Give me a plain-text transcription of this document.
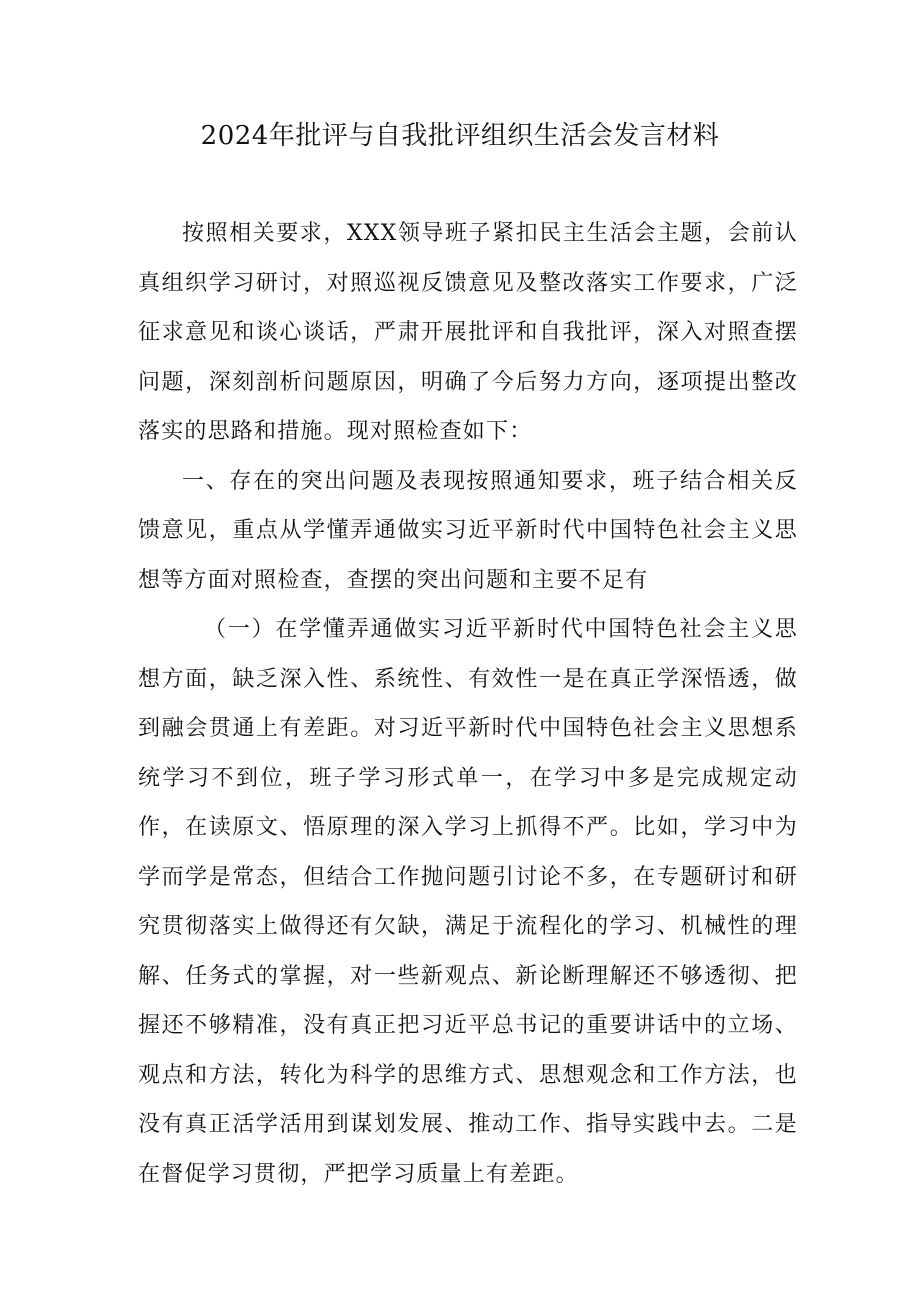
2024年批评与自我批评组织生活会发言材料

按照相关要求，XXX领导班子紧扣民主生活会主题，会前认真组织学习研讨，对照巡视反馈意见及整改落实工作要求，广泛征求意见和谈心谈话，严肃开展批评和自我批评，深入对照查摆问题，深刻剖析问题原因，明确了今后努力方向，逐项提出整改落实的思路和措施。现对照检查如下：

一、存在的突出问题及表现按照通知要求，班子结合相关反馈意见，重点从学懂弄通做实习近平新时代中国特色社会主义思想等方面对照检查，查摆的突出问题和主要不足有

（一）在学懂弄通做实习近平新时代中国特色社会主义思想方面，缺乏深入性、系统性、有效性一是在真正学深悟透，做到融会贯通上有差距。对习近平新时代中国特色社会主义思想系统学习不到位，班子学习形式单一，在学习中多是完成规定动作，在读原文、悟原理的深入学习上抓得不严。比如，学习中为学而学是常态，但结合工作抛问题引讨论不多，在专题研讨和研究贯彻落实上做得还有欠缺，满足于流程化的学习、机械性的理解、任务式的掌握，对一些新观点、新论断理解还不够透彻、把握还不够精准，没有真正把习近平总书记的重要讲话中的立场、观点和方法，转化为科学的思维方式、思想观念和工作方法，也没有真正活学活用到谋划发展、推动工作、指导实践中去。二是在督促学习贯彻，严把学习质量上有差距。
